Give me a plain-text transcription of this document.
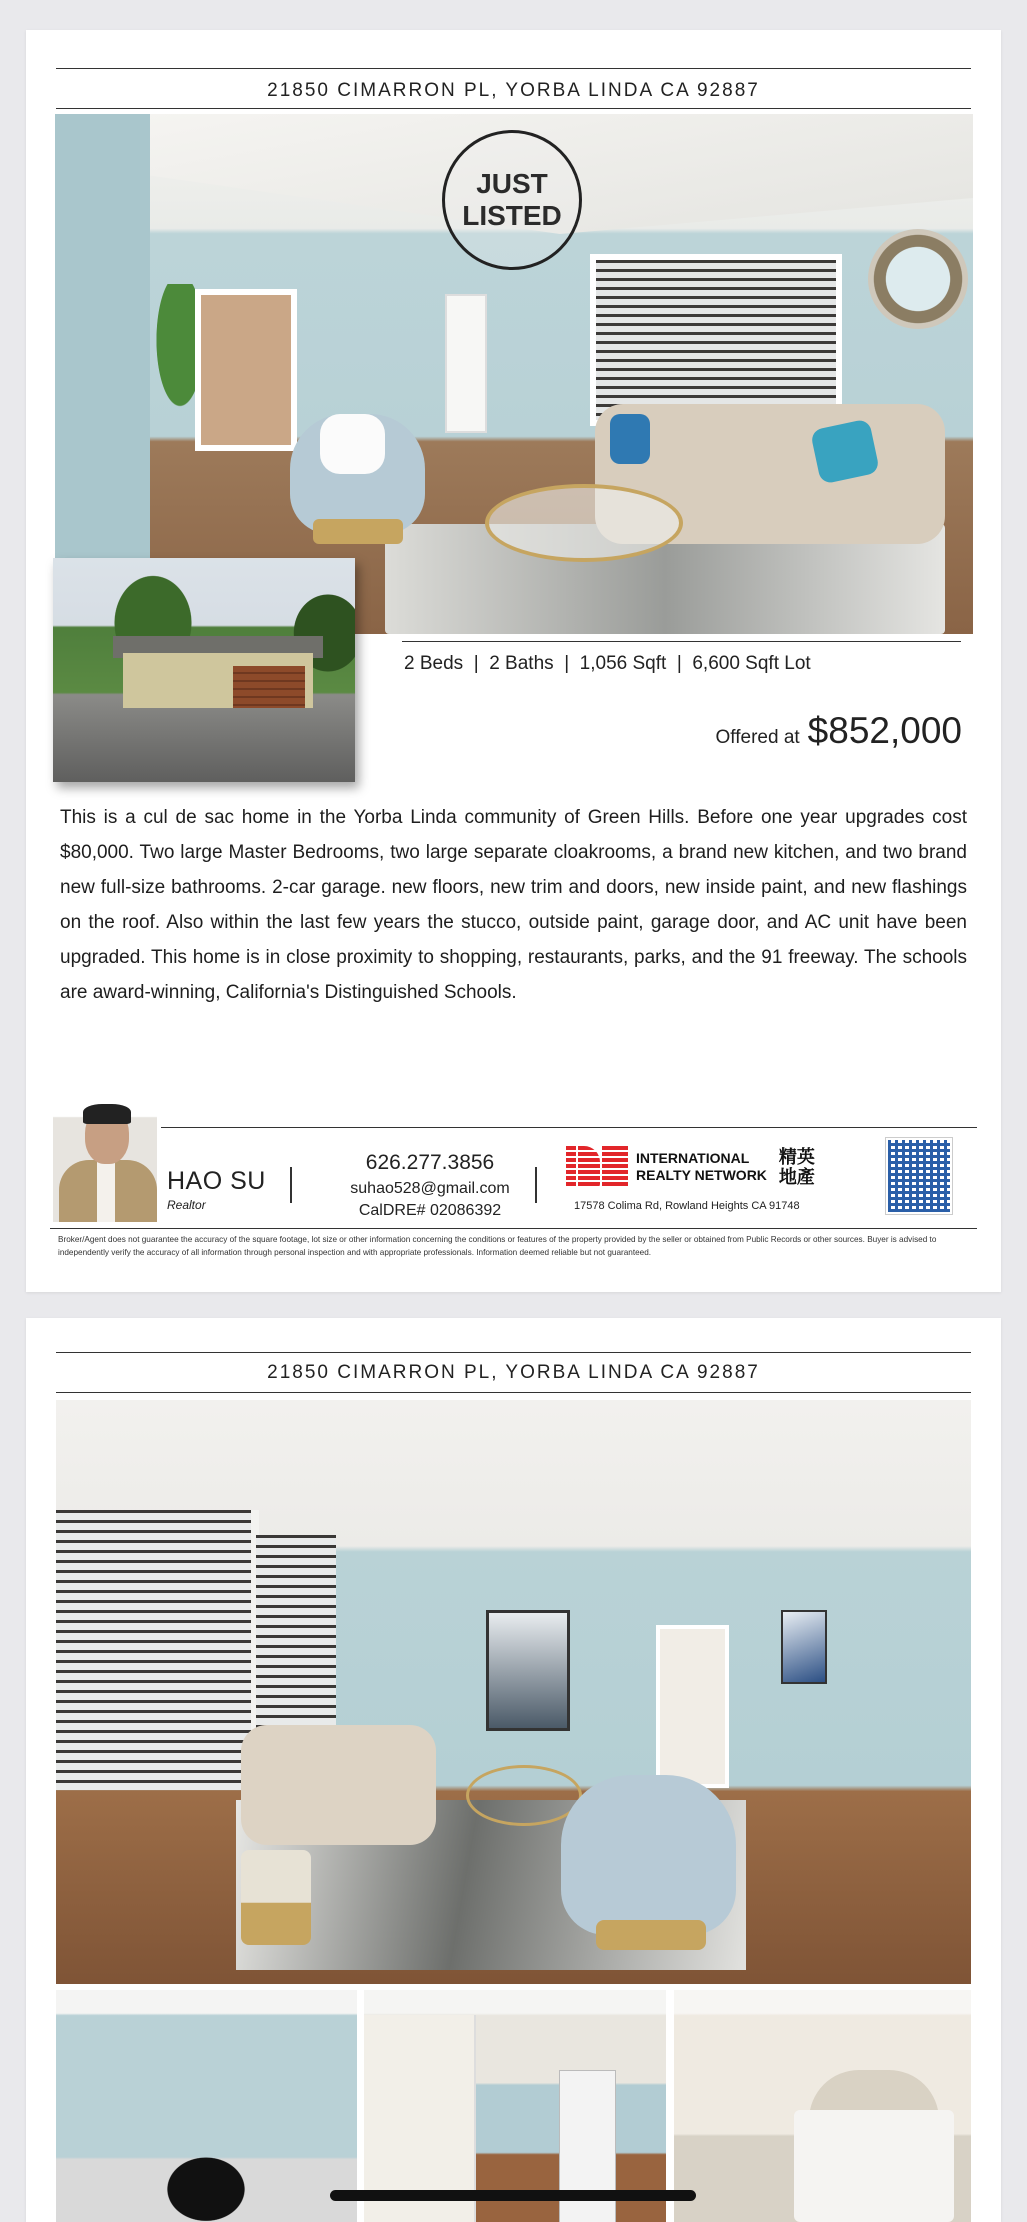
21850 CIMARRON PL, YORBA LINDA CA 92887
JUST
LISTED
2 Beds  |  2 Baths  |  1,056 Sqft  |  6,600 Sqft Lot
Offered at $852,000
This is a cul de sac home in the Yorba Linda community of Green Hills. Before one year upgrades cost $80,000. Two large Master Bedrooms, two large separate cloakrooms, a brand new kitchen, and two brand new full-size bathrooms. 2-car garage. new floors, new trim and doors, new inside paint, and new flashings on the roof. Also within the last few years the stucco, outside paint, garage door, and AC unit have been upgraded. This home is in close proximity to shopping, restaurants, parks, and the 91 freeway. The schools are award-winning, California's Distinguished Schools.
HAO SU
Realtor
626.277.3856
suhao528@gmail.com
CalDRE# 02086392
INTERNATIONAL
REALTY NETWORK
精英
地產
17578 Colima Rd, Rowland Heights CA 91748
Broker/Agent does not guarantee the accuracy of the square footage, lot size or other information concerning the conditions or features of the property provided by the seller or obtained from Public Records or other sources. Buyer is advised to independently verify the accuracy of all information through personal inspection and with appropriate professionals. Information deemed reliable but not guaranteed.
21850 CIMARRON PL, YORBA LINDA CA 92887
